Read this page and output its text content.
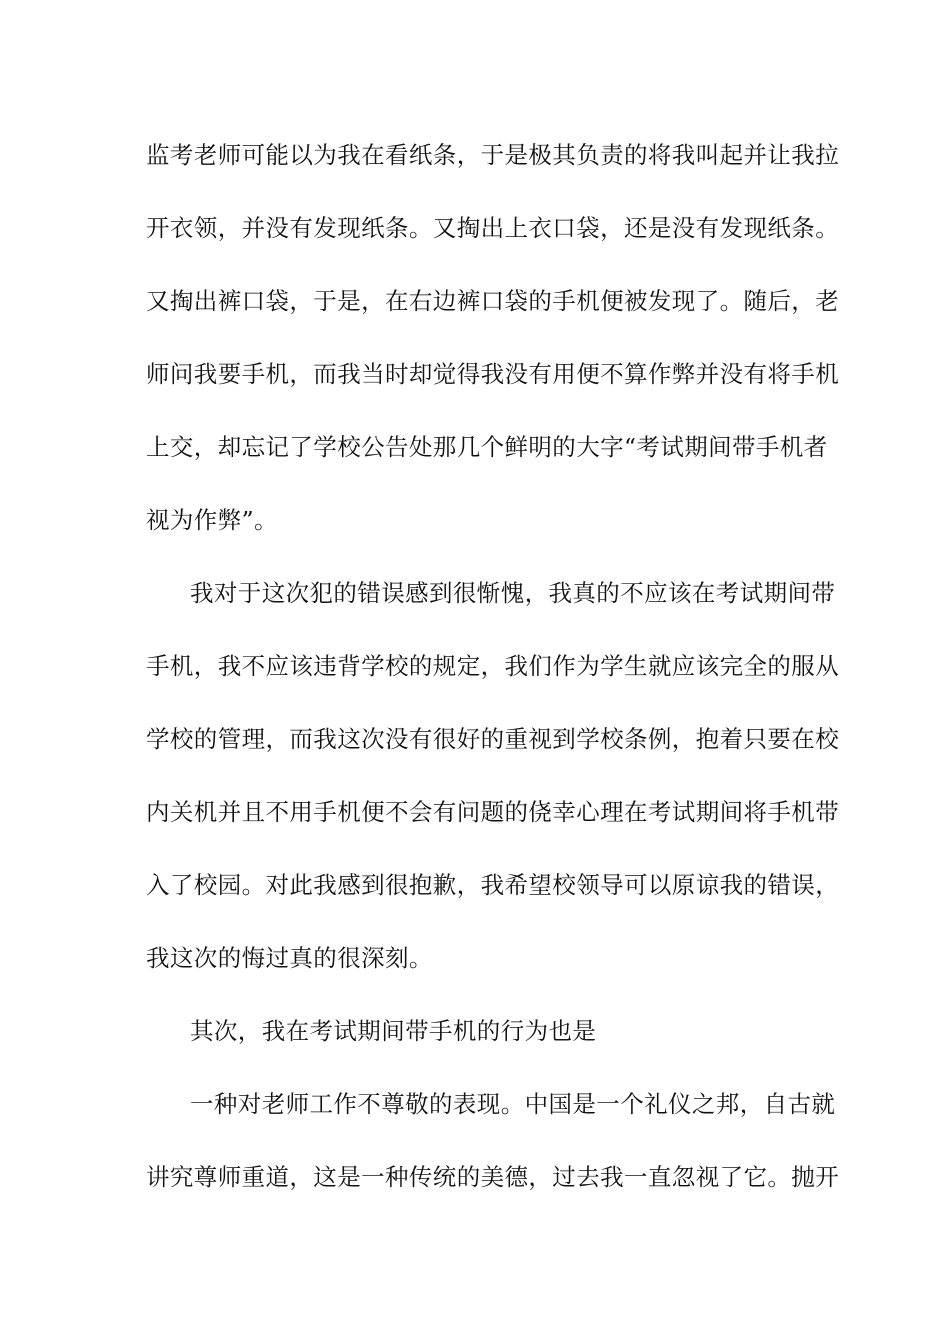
监考老师可能以为我在看纸条，于是极其负责的将我叫起并让我拉
开衣领，并没有发现纸条。又掏出上衣口袋，还是没有发现纸条。
又掏出裤口袋，于是，在右边裤口袋的手机便被发现了。随后，老
师问我要手机，而我当时却觉得我没有用便不算作弊并没有将手机
上交，却忘记了学校公告处那几个鲜明的大字“考试期间带手机者
视为作弊”。
我对于这次犯的错误感到很惭愧，我真的不应该在考试期间带
手机，我不应该违背学校的规定，我们作为学生就应该完全的服从
学校的管理，而我这次没有很好的重视到学校条例，抱着只要在校
内关机并且不用手机便不会有问题的侥幸心理在考试期间将手机带
入了校园。对此我感到很抱歉，我希望校领导可以原谅我的错误，
我这次的悔过真的很深刻。
其次，我在考试期间带手机的行为也是
一种对老师工作不尊敬的表现。中国是一个礼仪之邦，自古就
讲究尊师重道，这是一种传统的美德，过去我一直忽视了它。抛开
